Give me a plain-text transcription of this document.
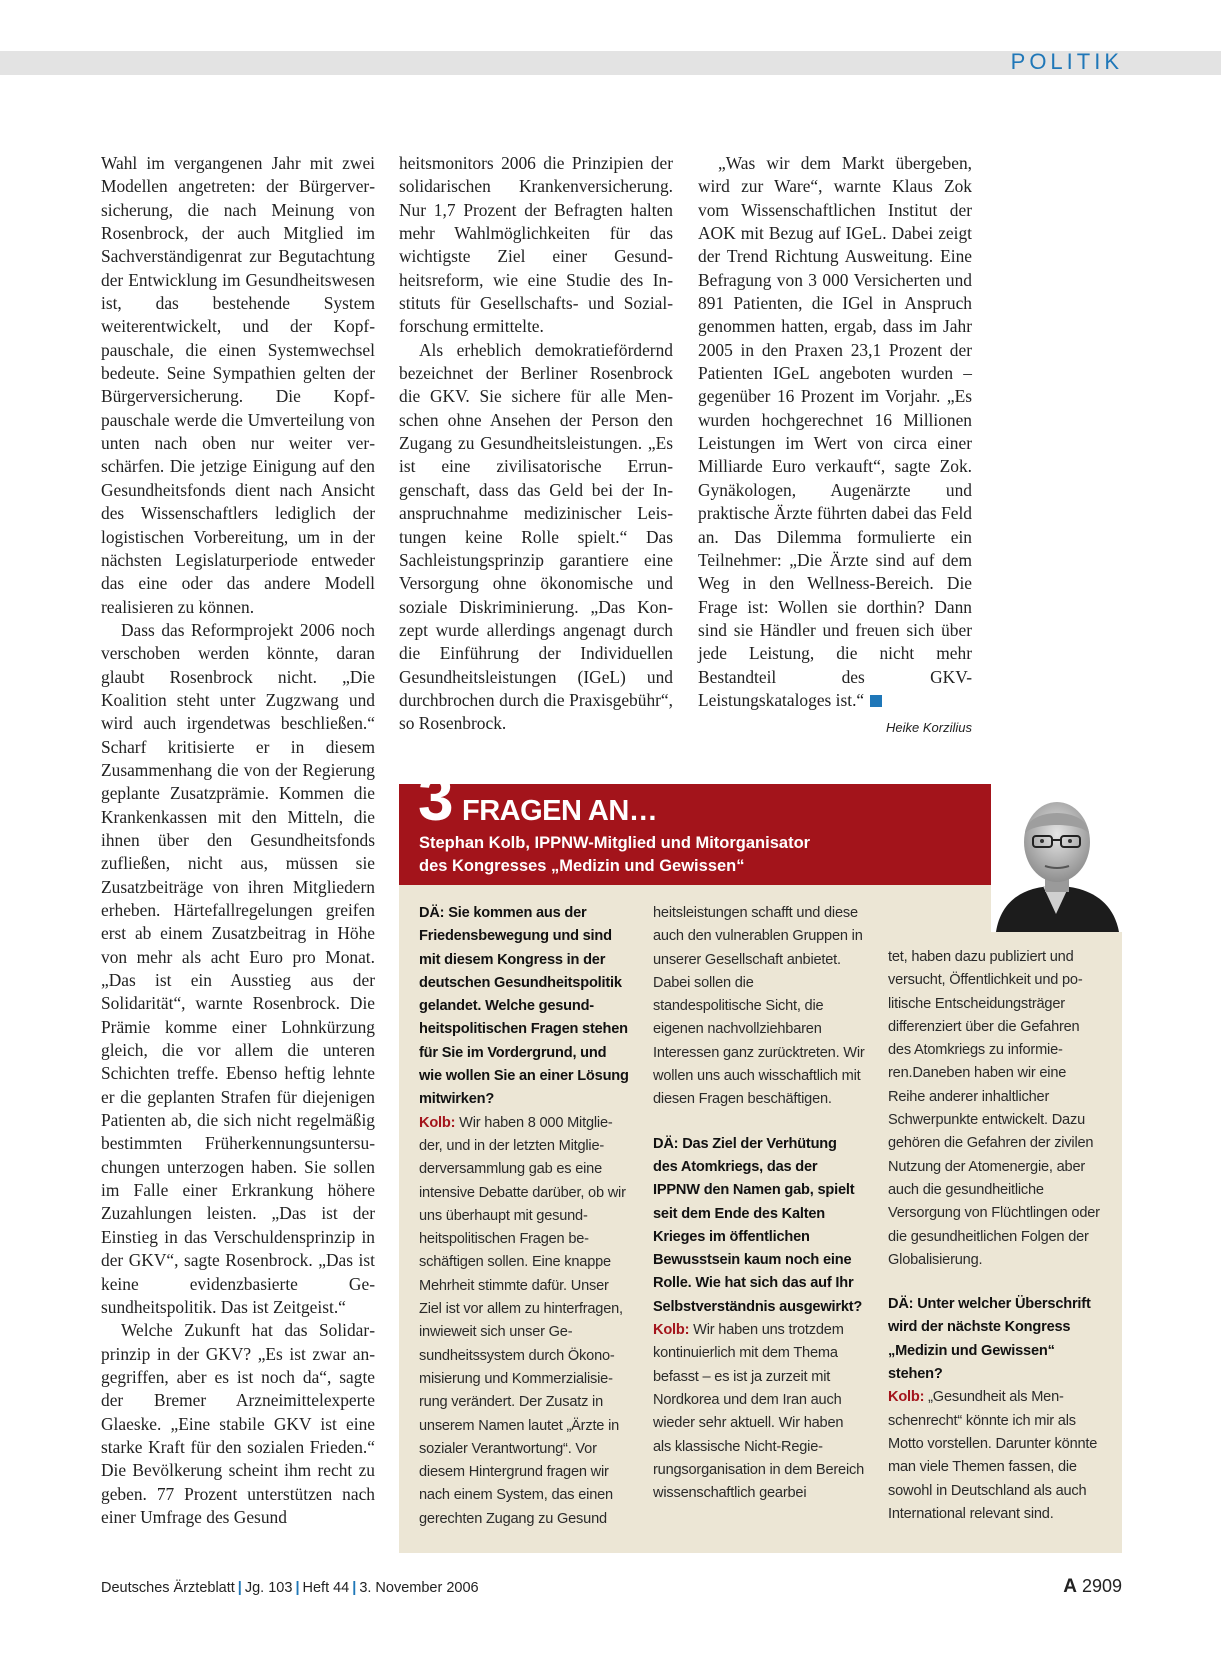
POLITIK

Wahl im vergangenen Jahr mit zwei Modellen angetreten: der Bürgerversicherung, die nach Meinung von Rosenbrock, der auch Mitglied im Sachverständigenrat zur Begutachtung der Entwicklung im Gesundheitswesen ist, das bestehende System weiterentwickelt, und der Kopfpauschale, die einen Systemwechsel bedeute. Seine Sympathien gelten der Bürgerversicherung. Die Kopfpauschale werde die Umverteilung von unten nach oben nur weiter verschärfen. Die jetzige Einigung auf den Gesundheitsfonds dient nach Ansicht des Wissenschaftlers lediglich der logistischen Vorbereitung, um in der nächsten Legislaturperiode entweder das eine oder das andere Modell realisieren zu können.

Dass das Reformprojekt 2006 noch verschoben werden könnte, daran glaubt Rosenbrock nicht. „Die Koalition steht unter Zugzwang und wird auch irgendetwas beschließen.“ Scharf kritisierte er in diesem Zusammenhang die von der Regierung geplante Zusatzprämie. Kommen die Krankenkassen mit den Mitteln, die ihnen über den Gesundheitsfonds zufließen, nicht aus, müssen sie Zusatzbeiträge von ihren Mitgliedern erheben. Härtefallregelungen greifen erst ab einem Zusatzbeitrag in Höhe von mehr als acht Euro pro Monat. „Das ist ein Ausstieg aus der Solidarität“, warnte Rosenbrock. Die Prämie komme einer Lohnkürzung gleich, die vor allem die unteren Schichten treffe. Ebenso heftig lehnte er die geplanten Strafen für diejenigen Patienten ab, die sich nicht regelmäßig bestimmten Früherkennungsuntersuchungen unterzogen haben. Sie sollen im Falle einer Erkrankung höhere Zuzahlungen leisten. „Das ist der Einstieg in das Verschuldensprinzip in der GKV“, sagte Rosenbrock. „Das ist keine evidenzbasierte Gesundheitspolitik. Das ist Zeitgeist.“

Welche Zukunft hat das Solidarprinzip in der GKV? „Es ist zwar angegriffen, aber es ist noch da“, sagte der Bremer Arzneimittelexperte Glaeske. „Eine stabile GKV ist eine starke Kraft für den sozialen Frieden.“ Die Bevölkerung scheint ihm recht zu geben. 77 Prozent unterstützen nach einer Umfrage des Gesund

heitsmonitors 2006 die Prinzipien der solidarischen Krankenversicherung. Nur 1,7 Prozent der Befragten halten mehr Wahlmöglichkeiten für das wichtigste Ziel einer Gesundheitsreform, wie eine Studie des Instituts für Gesellschafts- und Sozialforschung ermittelte.

Als erheblich demokratiefördernd bezeichnet der Berliner Rosenbrock die GKV. Sie sichere für alle Menschen ohne Ansehen der Person den Zugang zu Gesundheitsleistungen. „Es ist eine zivilisatorische Errungenschaft, dass das Geld bei der Inanspruchnahme medizinischer Leistungen keine Rolle spielt.“ Das Sachleistungsprinzip garantiere eine Versorgung ohne ökonomische und soziale Diskriminierung. „Das Konzept wurde allerdings angenagt durch die Einführung der Individuellen Gesundheitsleistungen (IGeL) und durchbrochen durch die Praxisgebühr“, so Rosenbrock.

„Was wir dem Markt übergeben, wird zur Ware“, warnte Klaus Zok vom Wissenschaftlichen Institut der AOK mit Bezug auf IGeL. Dabei zeigt der Trend Richtung Ausweitung. Eine Befragung von 3 000 Versicherten und 891 Patienten, die IGel in Anspruch genommen hatten, ergab, dass im Jahr 2005 in den Praxen 23,1 Prozent der Patienten IGeL angeboten wurden – gegenüber 16 Prozent im Vorjahr. „Es wurden hochgerechnet 16 Millionen Leistungen im Wert von circa einer Milliarde Euro verkauft“, sagte Zok. Gynäkologen, Augenärzte und praktische Ärzte führten dabei das Feld an. Das Dilemma formulierte ein Teilnehmer: „Die Ärzte sind auf dem Weg in den Wellness-Bereich. Die Frage ist: Wollen sie dorthin? Dann sind sie Händler und freuen sich über jede Leistung, die nicht mehr Bestandteil des GKV-Leistungskataloges ist.“

Heike Korzilius
3 FRAGEN AN…
Stephan Kolb, IPPNW-Mitglied und Mitorganisator
des Kongresses „Medizin und Gewissen“

DÄ: Sie kommen aus der Friedensbewegung und sind mit diesem Kongress in der deutschen Gesundheitspolitik gelandet. Welche gesundheitspolitischen Fragen stehen für Sie im Vordergrund, und wie wollen Sie an einer Lösung mitwirken?

Kolb: Wir haben 8 000 Mitglieder, und in der letzten Mitgliederversammlung gab es eine intensive Debatte darüber, ob wir uns überhaupt mit gesundheitspolitischen Fragen beschäftigen sollen. Eine knappe Mehrheit stimmte dafür. Unser Ziel ist vor allem zu hinterfragen, inwieweit sich unser Gesundheitssystem durch Ökonomisierung und Kommerzialisierung verändert. Der Zusatz in unserem Namen lautet „Ärzte in sozialer Verantwortung“. Vor diesem Hintergrund fragen wir nach einem System, das einen gerechten Zugang zu Gesund

heitsleistungen schafft und diese auch den vulnerablen Gruppen in unserer Gesellschaft anbietet. Dabei sollen die standespolitische Sicht, die eigenen nachvollziehbaren Interessen ganz zurücktreten. Wir wollen uns auch wisschaftlich mit diesen Fragen beschäftigen.

DÄ: Das Ziel der Verhütung des Atomkriegs, das der IPPNW den Namen gab, spielt seit dem Ende des Kalten Krieges im öffentlichen Bewusstsein kaum noch eine Rolle. Wie hat sich das auf Ihr Selbstverständnis ausgewirkt?

Kolb: Wir haben uns trotzdem kontinuierlich mit dem Thema befasst – es ist ja zurzeit mit Nordkorea und dem Iran auch wieder sehr aktuell. Wir haben als klassische Nicht-Regierungsorganisation in dem Bereich wissenschaftlich gearbei

tet, haben dazu publiziert und versucht, Öffentlichkeit und politische Entscheidungsträger differenziert über die Gefahren des Atomkriegs zu informieren.Daneben haben wir eine Reihe anderer inhaltlicher Schwerpunkte entwickelt. Dazu gehören die Gefahren der zivilen Nutzung der Atomenergie, aber auch die gesundheitliche Versorgung von Flüchtlingen oder die gesundheitlichen Folgen der Globalisierung.

DÄ: Unter welcher Überschrift wird der nächste Kongress „Medizin und Gewissen“ stehen?

Kolb: „Gesundheit als Menschenrecht“ könnte ich mir als Motto vorstellen. Darunter könnte man viele Themen fassen, die sowohl in Deutschland als auch International relevant sind.

Deutsches Ärzteblatt | Jg. 103 | Heft 44 | 3. November 2006	A 2909
